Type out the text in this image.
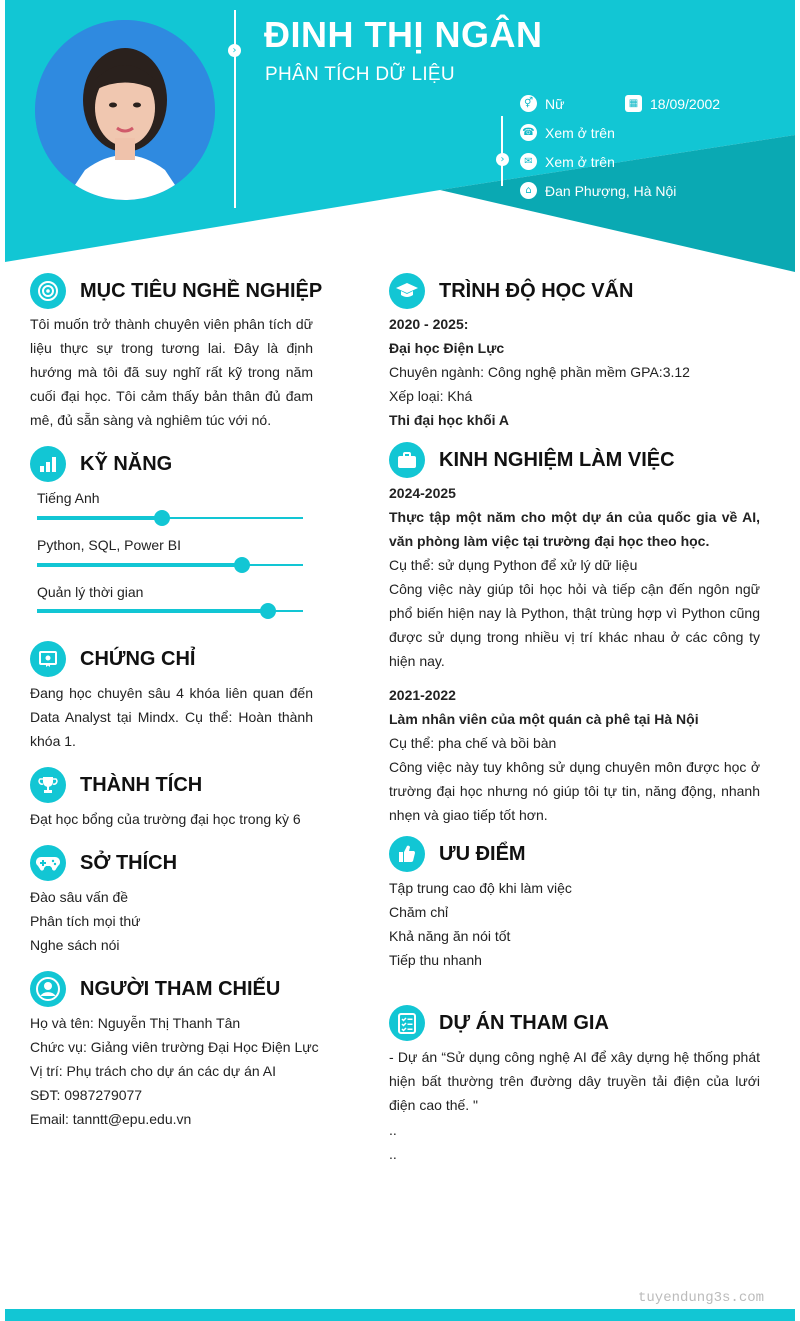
› ĐINH THỊ NGÂN
PHÂN TÍCH DỮ LIỆU
›
⚥ Nữ	▦ 18/09/2002
☎ Xem ở trên
✉ Xem ở trên
⌂ Đan Phượng, Hà Nội
MỤC TIÊU NGHỀ NGHIỆP
Tôi muốn trở thành chuyên viên phân tích dữ liệu thực sự trong tương lai. Đây là định hướng mà tôi đã suy nghĩ rất kỹ trong năm cuối đại học. Tôi cảm thấy bản thân đủ đam mê, đủ sẵn sàng và nghiêm túc với nó.
KỸ NĂNG
Tiếng Anh
Python, SQL, Power BI
Quản lý thời gian
CHỨNG CHỈ
Đang học chuyên sâu 4 khóa liên quan đến Data Analyst tại Mindx. Cụ thể: Hoàn thành khóa 1.
THÀNH TÍCH
Đạt học bổng của trường đại học trong kỳ 6
SỞ THÍCH
Đào sâu vấn đề
Phân tích mọi thứ
Nghe sách nói
NGƯỜI THAM CHIẾU
Họ và tên: Nguyễn Thị Thanh Tân
Chức vụ: Giảng viên trường Đại Học Điện Lực
Vị trí: Phụ trách cho dự án các dự án AI
SĐT: 0987279077
Email: tanntt@epu.edu.vn
TRÌNH ĐỘ HỌC VẤN
2020 - 2025:
Đại học Điện Lực
Chuyên ngành: Công nghệ phần mềm GPA:3.12
Xếp loại: Khá
Thi đại học khối A
KINH NGHIỆM LÀM VIỆC
2024-2025
Thực tập một năm cho một dự án của quốc gia về AI, văn phòng làm việc tại trường đại học theo học.
Cụ thể: sử dụng Python để xử lý dữ liệu
Công việc này giúp tôi học hỏi và tiếp cận đến ngôn ngữ phổ biến hiện nay là Python, thật trùng hợp vì Python cũng được sử dụng trong nhiều vị trí khác nhau ở các công ty hiện nay.
2021-2022
Làm nhân viên của một quán cà phê tại Hà Nội
Cụ thể: pha chế và bồi bàn
Công việc này tuy không sử dụng chuyên môn được học ở trường đại học nhưng nó giúp tôi tự tin, năng động, nhanh nhẹn và giao tiếp tốt hơn.
ƯU ĐIỂM
Tập trung cao độ khi làm việc
Chăm chỉ
Khả năng ăn nói tốt
Tiếp thu nhanh
DỰ ÁN THAM GIA
- Dự án “Sử dụng công nghệ AI để xây dựng hệ thống phát hiện bất thường trên đường dây truyền tải điện của lưới điện cao thế. "
..
..
tuyendung3s.com
